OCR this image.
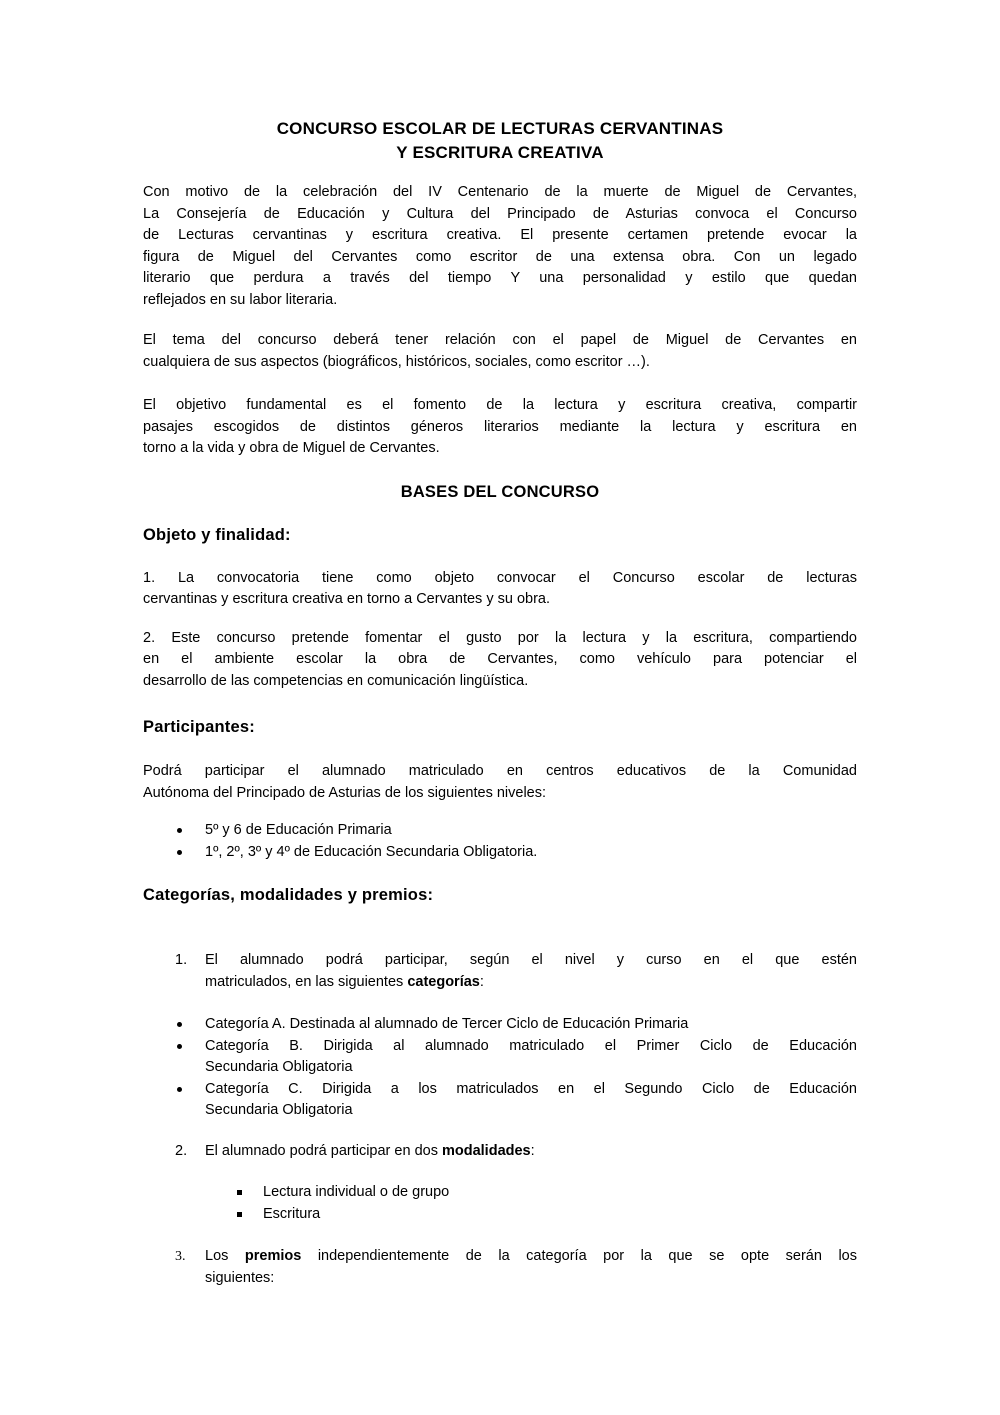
CONCURSO ESCOLAR DE LECTURAS CERVANTINAS
Y ESCRITURA CREATIVA
Con motivo de la celebración del IV Centenario de la muerte de Miguel de Cervantes,
La Consejería de Educación y Cultura del Principado de Asturias convoca el Concurso
de Lecturas cervantinas y escritura creativa. El presente certamen pretende evocar la
figura de Miguel del Cervantes como escritor de una extensa obra. Con un legado
literario que perdura a través del tiempo Y una personalidad y estilo que quedan
reflejados en su labor literaria.
El tema del concurso deberá tener relación con el papel de Miguel de Cervantes en
cualquiera de sus aspectos (biográficos, históricos, sociales, como escritor …).
El objetivo fundamental es el fomento de la lectura y escritura creativa, compartir
pasajes escogidos de distintos géneros literarios mediante la lectura y escritura en
torno a la vida y obra de Miguel de Cervantes.
BASES DEL CONCURSO
Objeto y finalidad:
1. La convocatoria tiene como objeto convocar el Concurso escolar de lecturas
cervantinas y escritura creativa en torno a Cervantes y su obra.
2. Este concurso pretende fomentar el gusto por la lectura y la escritura, compartiendo
en el ambiente escolar la obra de Cervantes, como vehículo para potenciar el
desarrollo de las competencias en comunicación lingüística.
Participantes:
Podrá participar el alumnado matriculado en centros educativos de la Comunidad
Autónoma del Principado de Asturias de los siguientes niveles:
5º y 6 de Educación Primaria
1º, 2º, 3º y 4º de Educación Secundaria Obligatoria.
Categorías, modalidades y premios:
1.	El alumnado podrá participar, según el nivel y curso en el que estén
matriculados, en las siguientes categorías:
Categoría A. Destinada al alumnado de Tercer Ciclo de Educación Primaria
Categoría B. Dirigida al alumnado matriculado el Primer Ciclo de Educación
Secundaria Obligatoria
Categoría C. Dirigida a los matriculados en el Segundo Ciclo de Educación
Secundaria Obligatoria
2.	El alumnado podrá participar en dos modalidades:
Lectura individual o de grupo
Escritura
3.	Los premios independientemente de la categoría por la que se opte serán los
siguientes:
